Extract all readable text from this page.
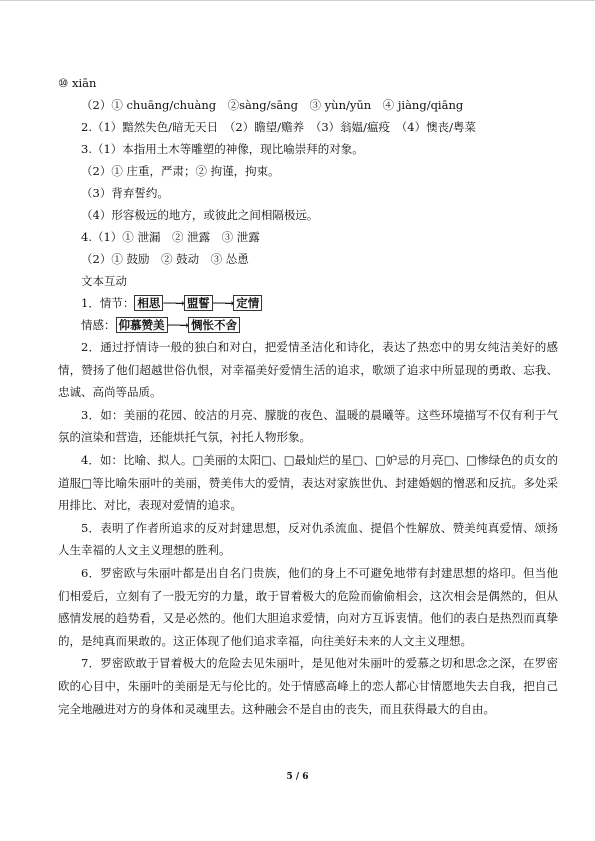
⑩ xiān
（2）① chuāng/chuàng　②sàng/sāng　③ yùn/yūn　④ jiàng/qiāng
2.（1）黯然失色/暗无天日　（2）瞻望/赡养　（3）翁媪/瘟疫　（4）懊丧/粤菜
3.（1）本指用土木等雕塑的神像，现比喻崇拜的对象。
（2）① 庄重，严肃；② 拘谨，拘束。
（3）背弃誓约。
（4）形容极远的地方，或彼此之间相隔极远。
4.（1）① 泄漏　② 泄露　③ 泄露
（2）① 鼓励　② 鼓动　③ 怂恿
文本互动
1．情节： 相思 ──→ 盟誓 ──→ 定情
情感： 仰慕赞美 ──→ 惆怅不舍

2．通过抒情诗一般的独白和对白，把爱情圣洁化和诗化，表达了热恋中的男女纯洁美好的感情，赞扬了他们超越世俗仇恨，对幸福美好爱情生活的追求，歌颂了追求中所显现的勇敢、忘我、忠诚、高尚等品质。

3．如：美丽的花园、皎洁的月亮、朦胧的夜色、温暖的晨曦等。这些环境描写不仅有利于气氛的渲染和营造，还能烘托气氛，衬托人物形象。

4．如：比喻、拟人。□美丽的太阳□、□最灿烂的星□、□妒忌的月亮□、□惨绿色的贞女的道服□等比喻朱丽叶的美丽，赞美伟大的爱情，表达对家族世仇、封建婚姻的憎恶和反抗。多处采用排比、对比，表现对爱情的追求。

5．表明了作者所追求的反对封建思想，反对仇杀流血、提倡个性解放、赞美纯真爱情、颂扬人生幸福的人文主义理想的胜利。

6．罗密欧与朱丽叶都是出自名门贵族，他们的身上不可避免地带有封建思想的烙印。但当他们相爱后，立刻有了一股无穷的力量，敢于冒着极大的危险而偷偷相会，这次相会是偶然的，但从感情发展的趋势看，又是必然的。他们大胆追求爱情，向对方互诉衷情。他们的表白是热烈而真挚的，是纯真而果敢的。这正体现了他们追求幸福，向往美好未来的人文主义理想。

7．罗密欧敢于冒着极大的危险去见朱丽叶，是见他对朱丽叶的爱慕之切和思念之深，在罗密欧的心目中，朱丽叶的美丽是无与伦比的。处于情感高峰上的恋人都心甘情愿地失去自我，把自己完全地融进对方的身体和灵魂里去。这种融会不是自由的丧失，而且获得最大的自由。

5 / 6
